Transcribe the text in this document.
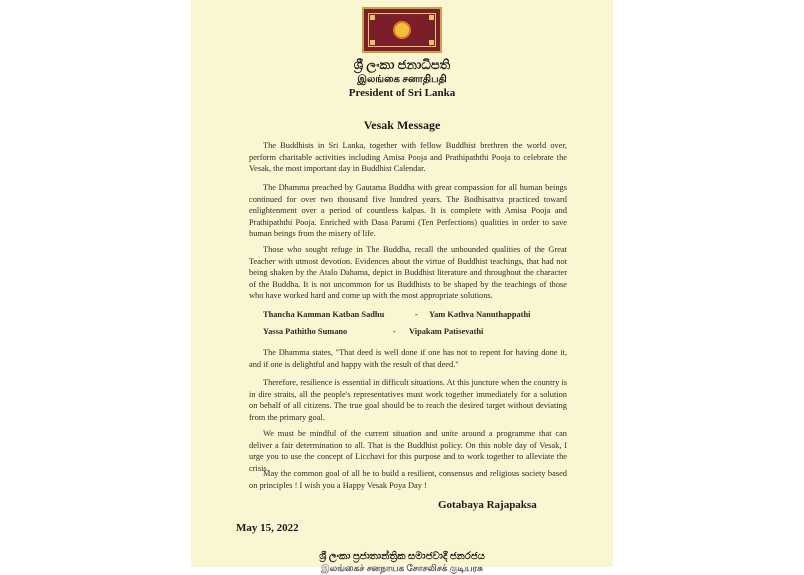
ශ්‍රී ලංකා ජනාධිපති
இலங்கை சனாதிபதி
President of Sri Lanka
Vesak Message

The Buddhists in Sri Lanka, together with fellow Buddhist brethren the world over, perform charitable activities including Amisa Pooja and Prathipaththi Pooja to celebrate the Vesak, the most important day in Buddhist Calendar.

The Dhamma preached by Gautama Buddha with great compassion for all human beings continued for over two thousand five hundred years. The Bodhisattva practiced toward enlightenment over a period of countless kalpas. It is complete with Amisa Pooja and Prathipaththi Pooja. Enriched with Dasa Parami (Ten Perfections) qualities in order to save human beings from the misery of life.

Those who sought refuge in The Buddha, recall the unbounded qualities of the Great Teacher with utmost devotion. Evidences about the virtue of Buddhist teachings, that had not being shaken by the Atalo Dahama, depict in Buddhist literature and throughout the character of the Buddha. It is not uncommon for us Buddhists to be shaped by the teachings of those who have worked hard and come up with the most appropriate solutions.

Thancha Kamman Katban Sadhu	- Yam Kathva Nanuthappathi
Yassa Pathitho Sumano	- Vipakam Patisevathi

The Dhamma states, "That deed is well done if one has not to repent for having done it, and if one is delightful and happy with the result of that deed."

Therefore, resilience is essential in difficult situations. At this juncture when the country is in dire straits, all the people's representatives must work together immediately for a solution on behalf of all citizens. The true goal should be to reach the desired target without deviating from the primary goal.

We must be mindful of the current situation and unite around a programme that can deliver a fair determination to all. That is the Buddhist policy. On this noble day of Vesak, I urge you to use the concept of Licchavi for this purpose and to work together to alleviate the crisis.

May the common goal of all be to build a resilient, consensus and religious society based on principles ! I wish you a Happy Vesak Poya Day !

Gotabaya Rajapaksa
May 15, 2022
ශ්‍රී ලංකා ප්‍රජාතාන්ත්‍රික සමාජවාදී ජනරජය
இலங்கைச் சனநாயக சோசலிசக் குடியரசு
